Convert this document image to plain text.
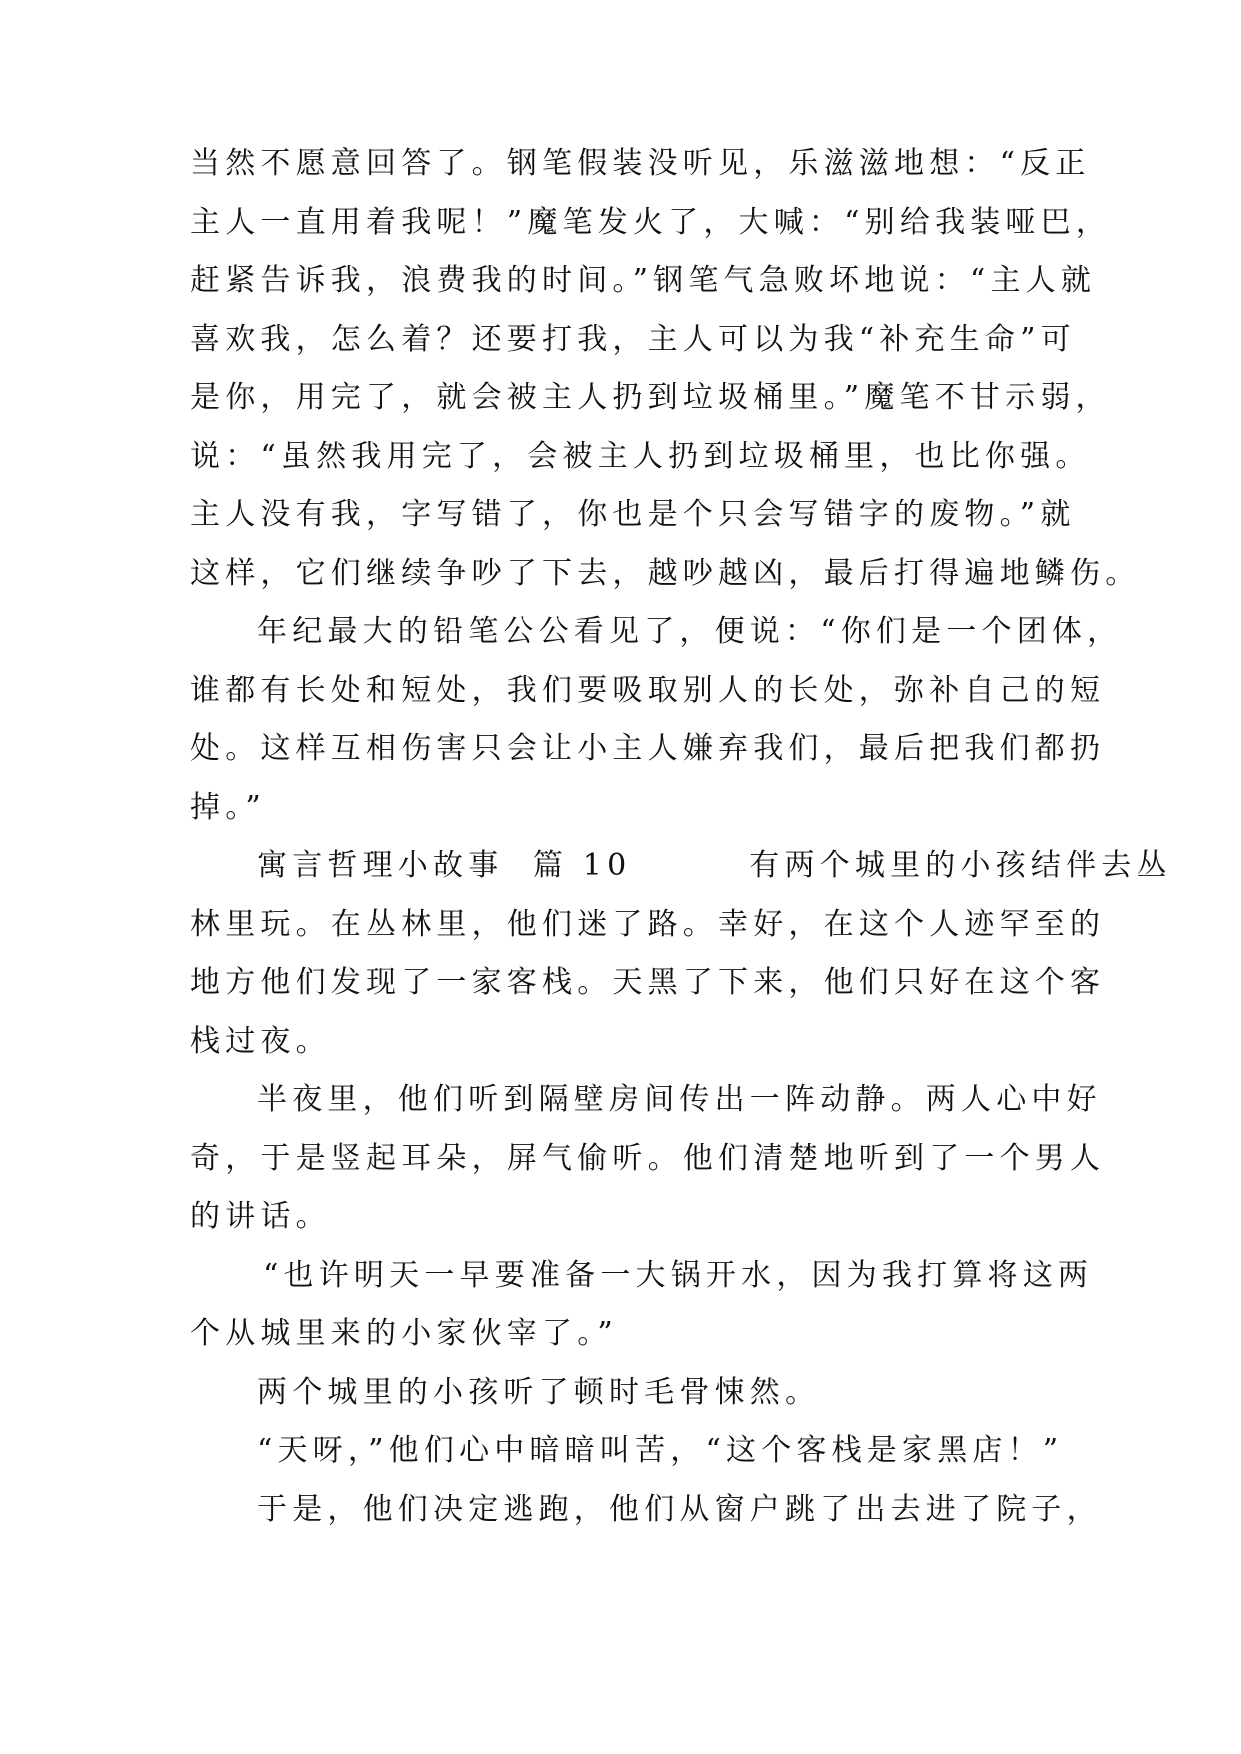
当然不愿意回答了。钢笔假装没听见，乐滋滋地想：“反正
主人一直用着我呢！”魔笔发火了，大喊：“别给我装哑巴，
赶紧告诉我，浪费我的时间。”钢笔气急败坏地说：“主人就
喜欢我，怎么着？还要打我，主人可以为我“补充生命”可
是你，用完了，就会被主人扔到垃圾桶里。”魔笔不甘示弱，
说：“虽然我用完了，会被主人扔到垃圾桶里，也比你强。
主人没有我，字写错了，你也是个只会写错字的废物。”就
这样，它们继续争吵了下去，越吵越凶，最后打得遍地鳞伤。
年纪最大的铅笔公公看见了，便说：“你们是一个团体，
谁都有长处和短处，我们要吸取别人的长处，弥补自己的短
处。这样互相伤害只会让小主人嫌弃我们，最后把我们都扔
掉。”
寓言哲理小故事  篇 10        有两个城里的小孩结伴去丛
林里玩。在丛林里，他们迷了路。幸好，在这个人迹罕至的
地方他们发现了一家客栈。天黑了下来，他们只好在这个客
栈过夜。
半夜里，他们听到隔壁房间传出一阵动静。两人心中好
奇，于是竖起耳朵，屏气偷听。他们清楚地听到了一个男人
的讲话。
“也许明天一早要准备一大锅开水，因为我打算将这两
个从城里来的小家伙宰了。”
两个城里的小孩听了顿时毛骨悚然。
“天呀，”他们心中暗暗叫苦，“这个客栈是家黑店！”
于是，他们决定逃跑，他们从窗户跳了出去进了院子，
